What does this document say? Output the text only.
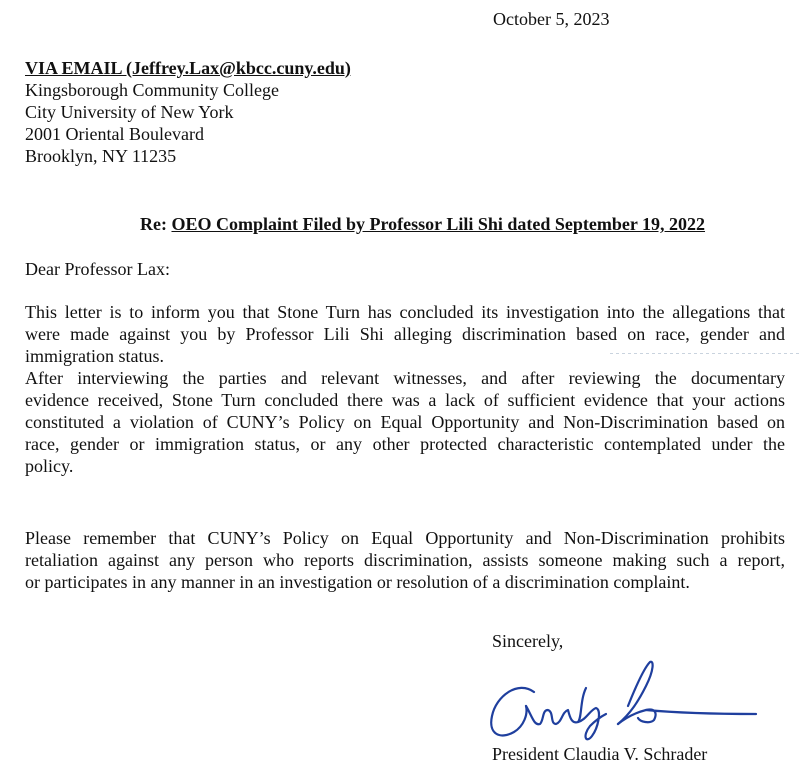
October 5, 2023
VIA EMAIL (Jeffrey.Lax@kbcc.cuny.edu)
Kingsborough Community College
City University of New York
2001 Oriental Boulevard
Brooklyn, NY 11235
Re: OEO Complaint Filed by Professor Lili Shi dated September 19, 2022
Dear Professor Lax:
This letter is to inform you that Stone Turn has concluded its investigation into the allegations that
were made against you by Professor Lili Shi alleging discrimination based on race, gender and
immigration status.
After interviewing the parties and relevant witnesses, and after reviewing the documentary
evidence received, Stone Turn concluded there was a lack of sufficient evidence that your actions
constituted a violation of CUNY’s Policy on Equal Opportunity and Non-Discrimination based on
race, gender or immigration status, or any other protected characteristic contemplated under the
policy.
Please remember that CUNY’s Policy on Equal Opportunity and Non-Discrimination prohibits
retaliation against any person who reports discrimination, assists someone making such a report,
or participates in any manner in an investigation or resolution of a discrimination complaint.
Sincerely,
President Claudia V. Schrader
